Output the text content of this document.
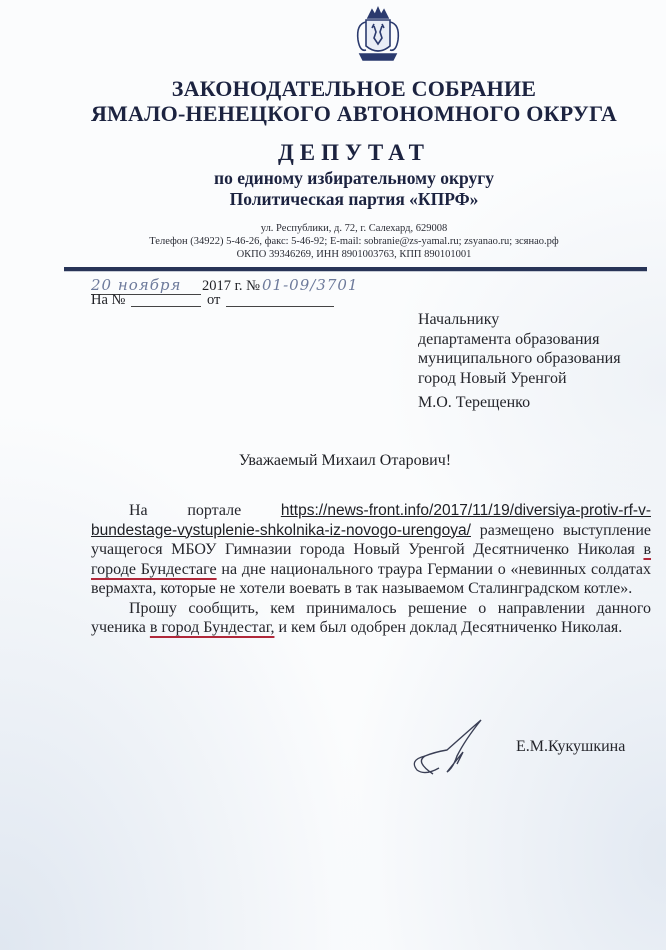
ЗАКОНОДАТЕЛЬНОЕ СОБРАНИЕ
ЯМАЛО-НЕНЕЦКОГО АВТОНОМНОГО ОКРУГА
ДЕПУТАТ
по единому избирательному округу
Политическая партия «КПРФ»
ул. Республики, д. 72, г. Салехард, 629008
Телефон (34922) 5-46-26, факс: 5-46-92; E-mail: sobranie@zs-yamal.ru; zsyanao.ru; зсянао.рф
ОКПО 39346269, ИНН 8901003763, КПП 890101001
20 ноября	2017 г. № 01-09/3701
На №	от
Начальнику
департамента образования
муниципального образования
город Новый Уренгой
М.О. Терещенко
Уважаемый Михаил Отарович!

На портале	https://news-front.info/2017/11/19/diversiya-protiv-rf-v-bundestage-vystuplenie-shkolnika-iz-novogo-urengoya/ размещено выступление учащегося МБОУ Гимназии города Новый Уренгой Десятниченко Николая в городе Бундестаге на дне национального траура Германии о «невинных солдатах вермахта, которые не хотели воевать в так называемом Сталинградском котле».

Прошу сообщить, кем принималось решение о направлении данного ученика в город Бундестаг, и кем был одобрен доклад Десятниченко Николая.

Е.М.Кукушкина
